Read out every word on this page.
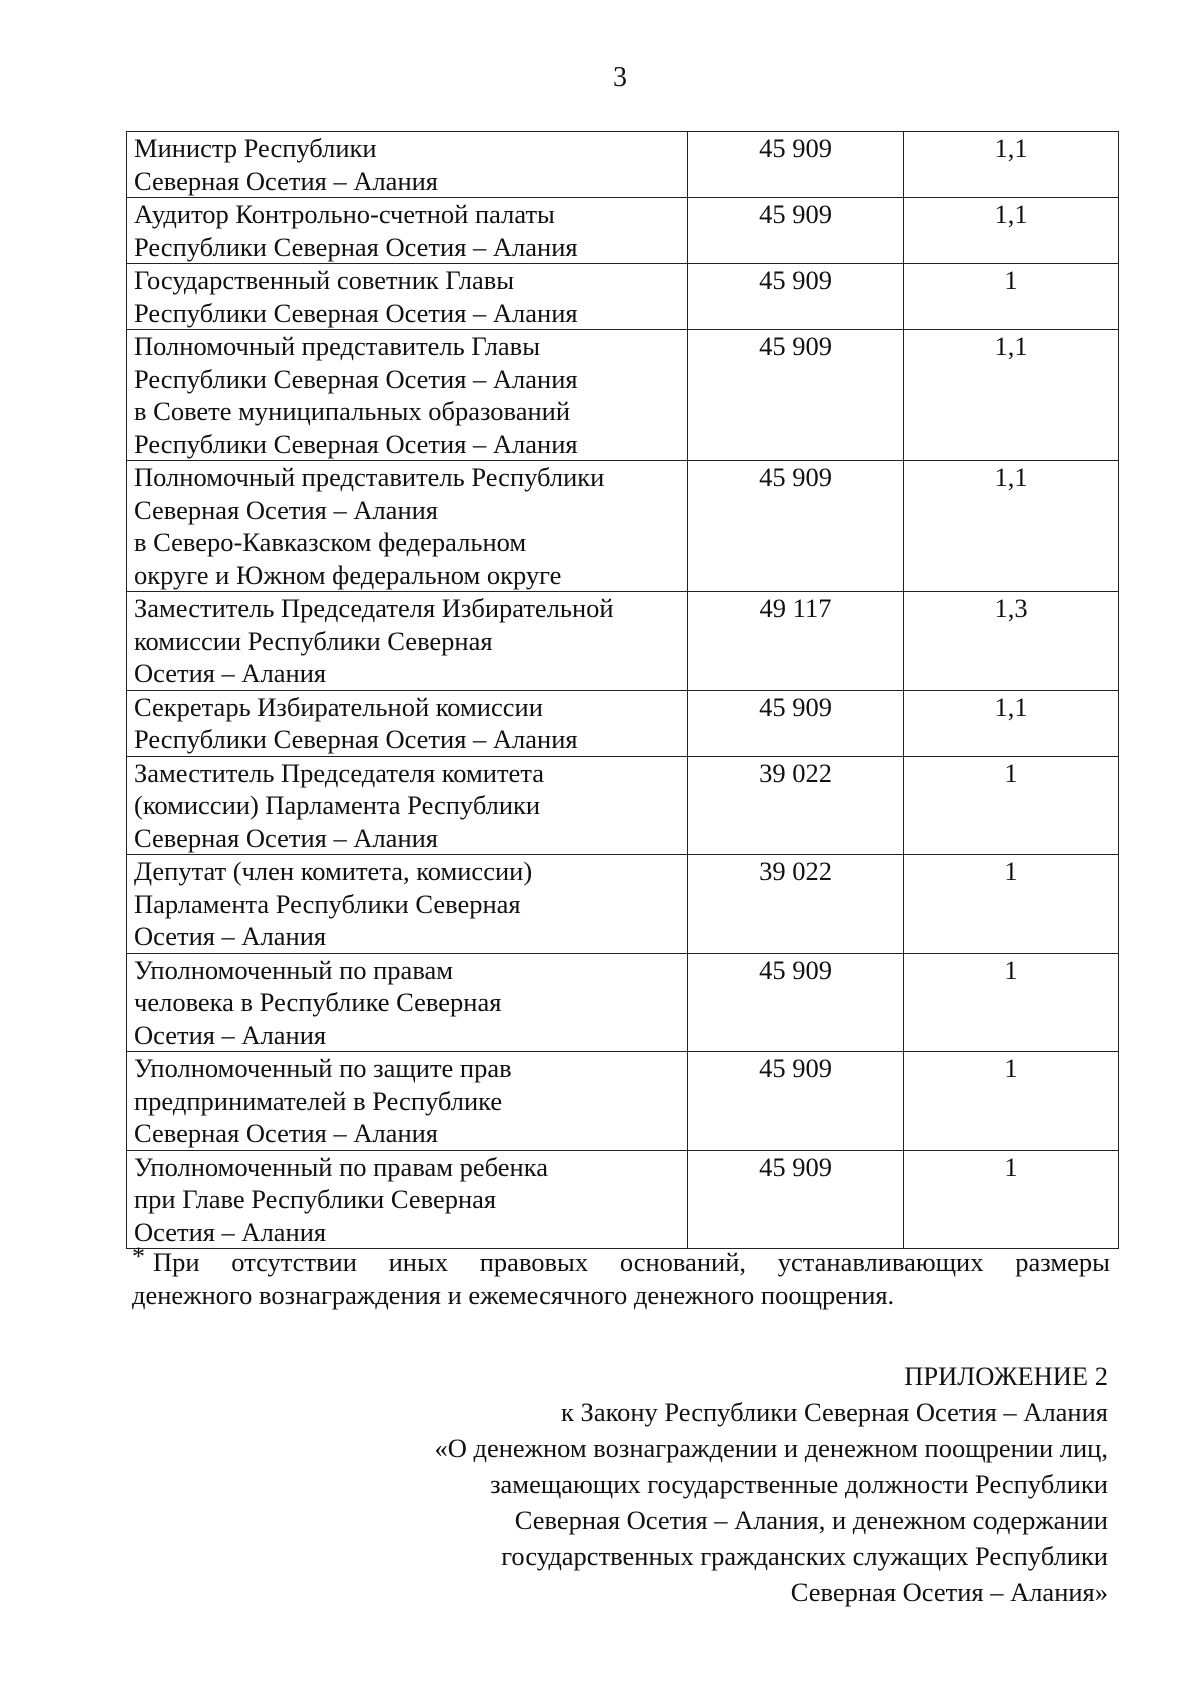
3
Министр Республики
Северная Осетия – Алания	45 909	1,1

Аудитор Контрольно-счетной палаты
Республики Северная Осетия – Алания	45 909	1,1

Государственный советник Главы
Республики Северная Осетия – Алания	45 909	1

Полномочный представитель Главы
Республики Северная Осетия – Алания
в Совете муниципальных образований
Республики Северная Осетия – Алания	45 909	1,1

Полномочный представитель Республики
Северная Осетия – Алания
в Северо-Кавказском федеральном
округе и Южном федеральном округе	45 909	1,1

Заместитель Председателя Избирательной
комиссии Республики Северная
Осетия – Алания	49 117	1,3

Секретарь Избирательной комиссии
Республики Северная Осетия – Алания	45 909	1,1

Заместитель Председателя комитета
(комиссии) Парламента Республики
Северная Осетия – Алания	39 022	1

Депутат (член комитета, комиссии)
Парламента Республики Северная
Осетия – Алания	39 022	1

Уполномоченный по правам
человека в Республике Северная
Осетия – Алания	45 909	1

Уполномоченный по защите прав
предпринимателей в Республике
Северная Осетия – Алания	45 909	1

Уполномоченный по правам ребенка
при Главе Республики Северная
Осетия – Алания	45 909	1
* При отсутствии иных правовых оснований, устанавливающих размеры
денежного вознаграждения и ежемесячного денежного поощрения.
ПРИЛОЖЕНИЕ 2
к Закону Республики Северная Осетия – Алания
«О денежном вознаграждении и денежном поощрении лиц,
замещающих государственные должности Республики
Северная Осетия – Алания, и денежном содержании
государственных гражданских служащих Республики
Северная Осетия – Алания»
